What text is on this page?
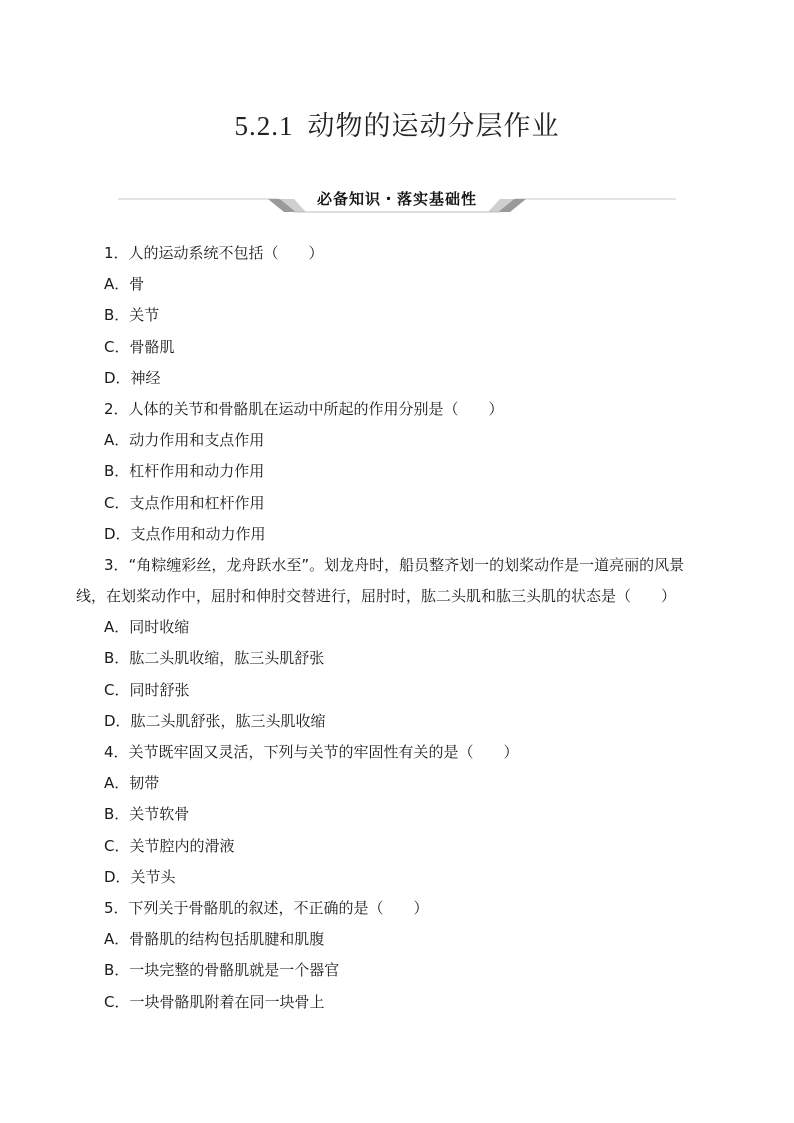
5.2.1 动物的运动分层作业
必备知识・落实基础性
1．人的运动系统不包括（　　）
A．骨
B．关节
C．骨骼肌
D．神经
2．人体的关节和骨骼肌在运动中所起的作用分别是（　　）
A．动力作用和支点作用
B．杠杆作用和动力作用
C．支点作用和杠杆作用
D．支点作用和动力作用
3．“角粽缠彩丝，龙舟跃水至”。划龙舟时，船员整齐划一的划桨动作是一道亮丽的风景
线，在划桨动作中，屈肘和伸肘交替进行，屈肘时，肱二头肌和肱三头肌的状态是（　　）
A．同时收缩
B．肱二头肌收缩，肱三头肌舒张
C．同时舒张
D．肱二头肌舒张，肱三头肌收缩
4．关节既牢固又灵活，下列与关节的牢固性有关的是（　　）
A．韧带
B．关节软骨
C．关节腔内的滑液
D．关节头
5．下列关于骨骼肌的叙述，不正确的是（　　）
A．骨骼肌的结构包括肌腱和肌腹
B．一块完整的骨骼肌就是一个器官
C．一块骨骼肌附着在同一块骨上
